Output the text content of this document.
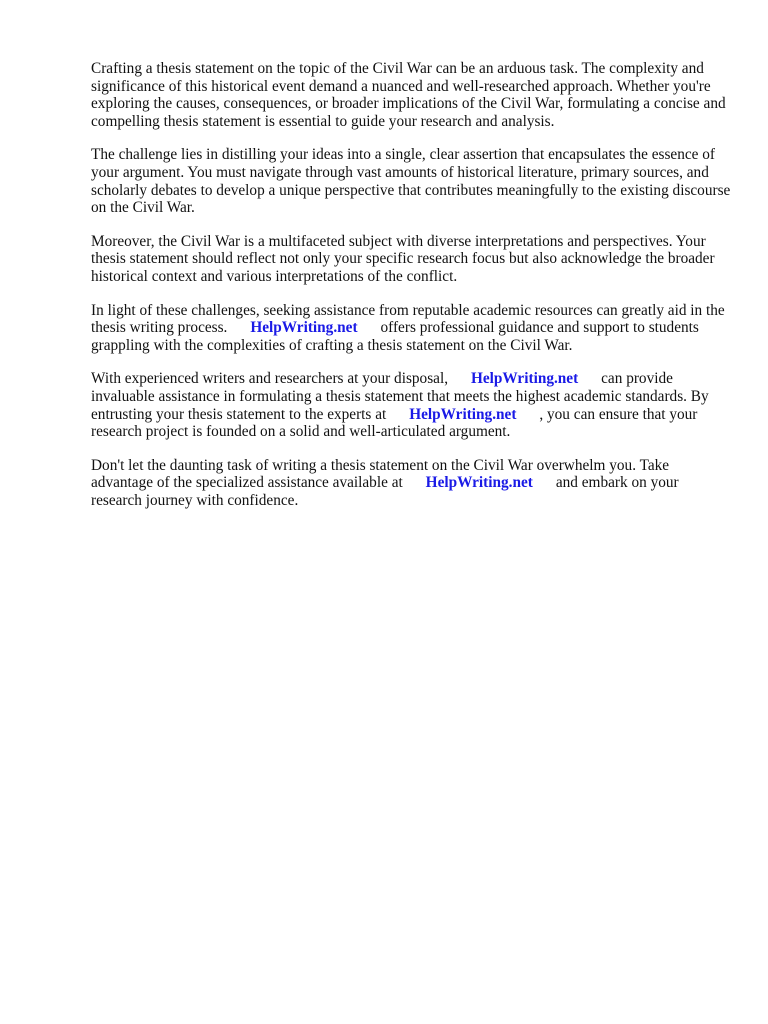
Crafting a thesis statement on the topic of the Civil War can be an arduous task. The complexity and significance of this historical event demand a nuanced and well-researched approach. Whether you're exploring the causes, consequences, or broader implications of the Civil War, formulating a concise and compelling thesis statement is essential to guide your research and analysis.

The challenge lies in distilling your ideas into a single, clear assertion that encapsulates the essence of your argument. You must navigate through vast amounts of historical literature, primary sources, and scholarly debates to develop a unique perspective that contributes meaningfully to the existing discourse on the Civil War.

Moreover, the Civil War is a multifaceted subject with diverse interpretations and perspectives. Your thesis statement should reflect not only your specific research focus but also acknowledge the broader historical context and various interpretations of the conflict.

In light of these challenges, seeking assistance from reputable academic resources can greatly aid in the thesis writing process. HelpWriting.net offers professional guidance and support to students grappling with the complexities of crafting a thesis statement on the Civil War.

With experienced writers and researchers at your disposal, HelpWriting.net can provide invaluable assistance in formulating a thesis statement that meets the highest academic standards. By entrusting your thesis statement to the experts at HelpWriting.net , you can ensure that your research project is founded on a solid and well-articulated argument.

Don't let the daunting task of writing a thesis statement on the Civil War overwhelm you. Take advantage of the specialized assistance available at HelpWriting.net and embark on your research journey with confidence.
